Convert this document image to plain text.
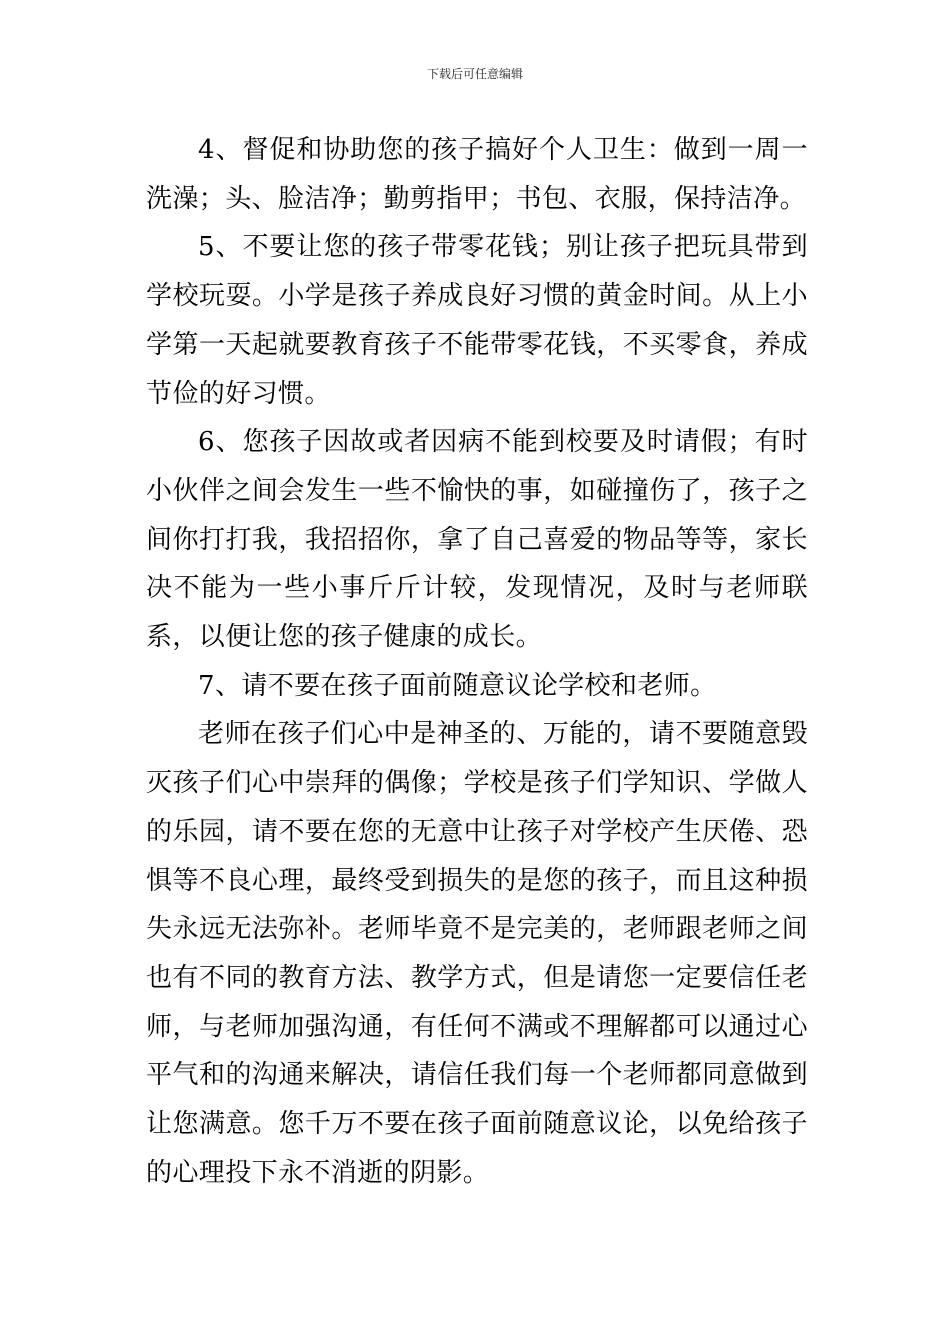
下载后可任意编辑

4、督促和协助您的孩子搞好个人卫生：做到一周一洗澡；头、脸洁净；勤剪指甲；书包、衣服，保持洁净。

5、不要让您的孩子带零花钱；别让孩子把玩具带到学校玩耍。小学是孩子养成良好习惯的黄金时间。从上小学第一天起就要教育孩子不能带零花钱，不买零食，养成节俭的好习惯。

6、您孩子因故或者因病不能到校要及时请假；有时小伙伴之间会发生一些不愉快的事，如碰撞伤了，孩子之间你打打我，我招招你，拿了自己喜爱的物品等等，家长决不能为一些小事斤斤计较，发现情况，及时与老师联系，以便让您的孩子健康的成长。

7、请不要在孩子面前随意议论学校和老师。

老师在孩子们心中是神圣的、万能的，请不要随意毁灭孩子们心中崇拜的偶像；学校是孩子们学知识、学做人的乐园，请不要在您的无意中让孩子对学校产生厌倦、恐惧等不良心理，最终受到损失的是您的孩子，而且这种损失永远无法弥补。老师毕竟不是完美的，老师跟老师之间也有不同的教育方法、教学方式，但是请您一定要信任老师，与老师加强沟通，有任何不满或不理解都可以通过心平气和的沟通来解决，请信任我们每一个老师都同意做到让您满意。您千万不要在孩子面前随意议论，以免给孩子的心理投下永不消逝的阴影。
